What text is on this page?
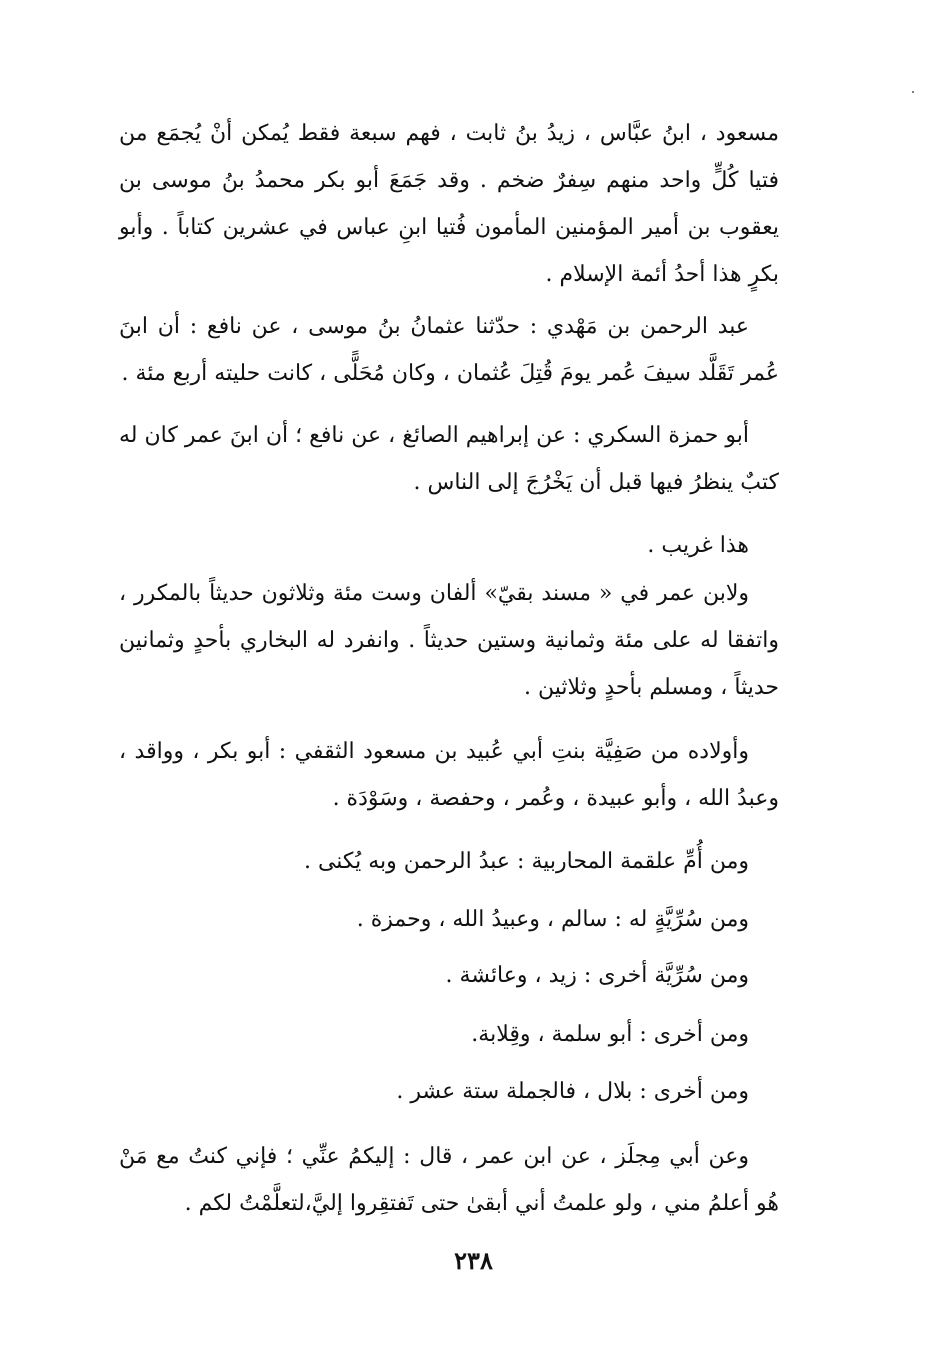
مسعود ، ابنُ عبَّاس ، زيدُ بنُ ثابت ، فهم سبعة فقط يُمكن أنْ يُجمَع من فتيا كُلٍّ واحد منهم سِفرٌ ضخم . وقد جَمَعَ أبو بكر محمدُ بنُ موسى بن يعقوب بن أمير المؤمنين المأمون فُتيا ابنِ عباس في عشرين كتاباً . وأبو بكرٍ هذا أحدُ أئمة الإسلام .

عبد الرحمن بن مَهْدي : حدّثنا عثمانُ بنُ موسى ، عن نافع : أن ابنَ عُمر تَقَلَّد سيفَ عُمر يومَ قُتِلَ عُثمان ، وكان مُحَلًّى ، كانت حليته أربع مئة .

أبو حمزة السكري : عن إبراهيم الصائغ ، عن نافع ؛ أن ابنَ عمر كان له كتبٌ ينظرُ فيها قبل أن يَخْرُجَ إلى الناس .

هذا غريب .

ولابن عمر في « مسند بقيّ» ألفان وست مئة وثلاثون حديثاً بالمكرر ، واتفقا له على مئة وثمانية وستين حديثاً . وانفرد له البخاري بأحدٍ وثمانين حديثاً ، ومسلم بأحدٍ وثلاثين .

وأولاده من صَفِيَّة بنتِ أبي عُبيد بن مسعود الثقفي : أبو بكر ، وواقد ، وعبدُ الله ، وأبو عبيدة ، وعُمر ، وحفصة ، وسَوْدَة .

ومن أُمِّ علقمة المحاربية : عبدُ الرحمن وبه يُكنى .

ومن سُرِّيَّةٍ له : سالم ، وعبيدُ الله ، وحمزة .

ومن سُرِّيَّة أخرى : زيد ، وعائشة .

ومن أخرى : أبو سلمة ، وقِلابة.

ومن أخرى : بلال ، فالجملة ستة عشر .

وعن أبي مِجلَز ، عن ابن عمر ، قال : إليكمُ عنِّي ؛ فإني كنتُ مع مَنْ هُو أعلمُ مني ، ولو علمتُ أني أبقىٰ حتى تَفتقِروا إليَّ،لتعلَّمْتُ لكم .

٢٣٨
